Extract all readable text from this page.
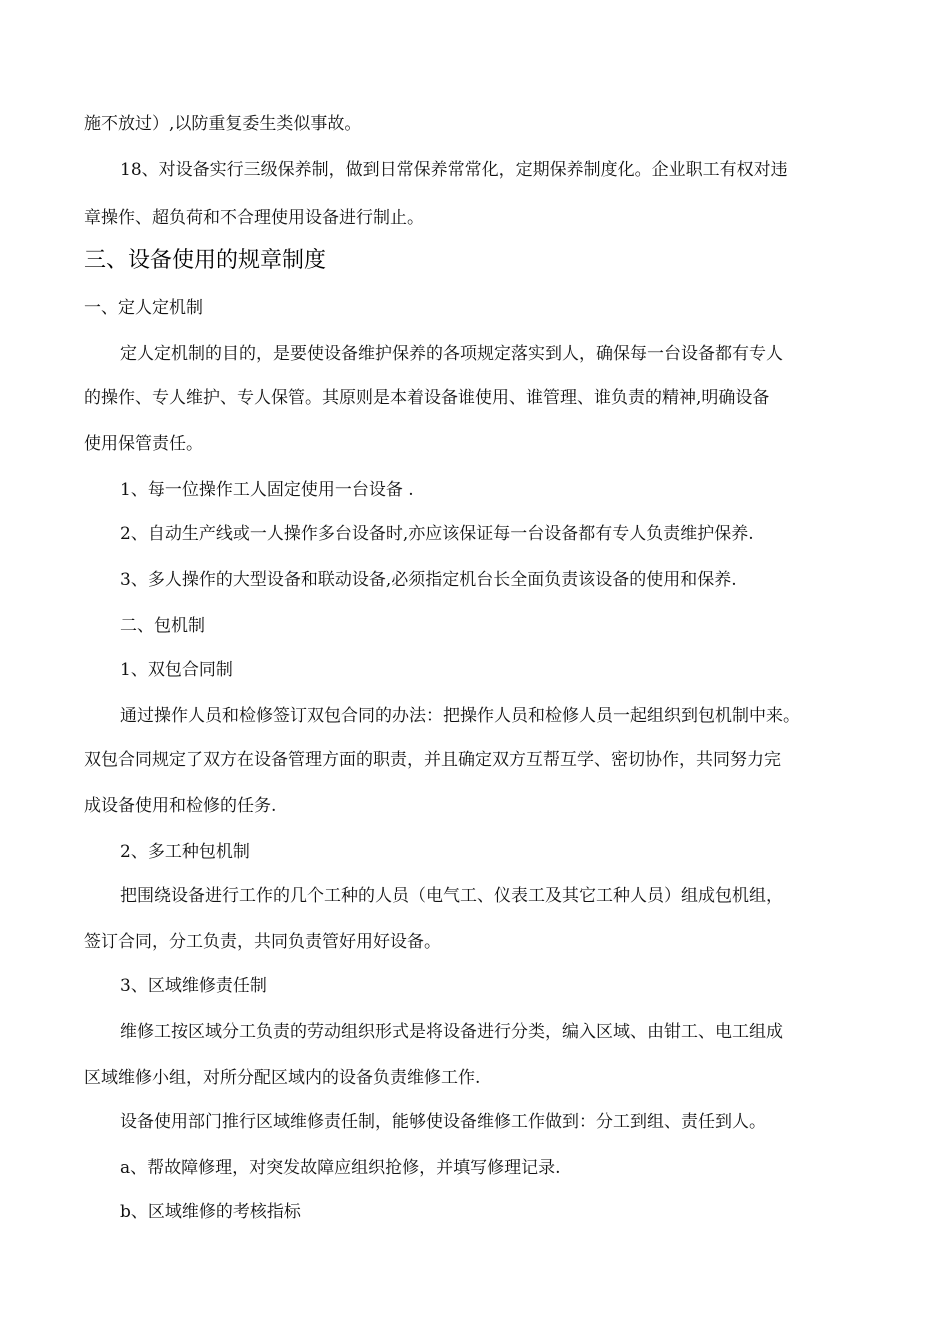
施不放过）,以防重复委生类似事故。

18、对设备实行三级保养制，做到日常保养常常化，定期保养制度化。企业职工有权对违

章操作、超负荷和不合理使用设备进行制止。

三、设备使用的规章制度

一、定人定机制

定人定机制的目的，是要使设备维护保养的各项规定落实到人，确保每一台设备都有专人

的操作、专人维护、专人保管。其原则是本着设备谁使用、谁管理、谁负责的精神,明确设备

使用保管责任。

1、每一位操作工人固定使用一台设备 .

2、自动生产线或一人操作多台设备时,亦应该保证每一台设备都有专人负责维护保养.

3、多人操作的大型设备和联动设备,必须指定机台长全面负责该设备的使用和保养.

二、包机制

1、双包合同制

通过操作人员和检修签订双包合同的办法：把操作人员和检修人员一起组织到包机制中来。

双包合同规定了双方在设备管理方面的职责，并且确定双方互帮互学、密切协作，共同努力完

成设备使用和检修的任务.

2、多工种包机制

把围绕设备进行工作的几个工种的人员（电气工、仪表工及其它工种人员）组成包机组，

签订合同，分工负责，共同负责管好用好设备。

3、区域维修责任制

维修工按区域分工负责的劳动组织形式是将设备进行分类，编入区域、由钳工、电工组成

区域维修小组，对所分配区域内的设备负责维修工作.

设备使用部门推行区域维修责任制，能够使设备维修工作做到：分工到组、责任到人。

a、帮故障修理，对突发故障应组织抢修，并填写修理记录.

b、区域维修的考核指标
